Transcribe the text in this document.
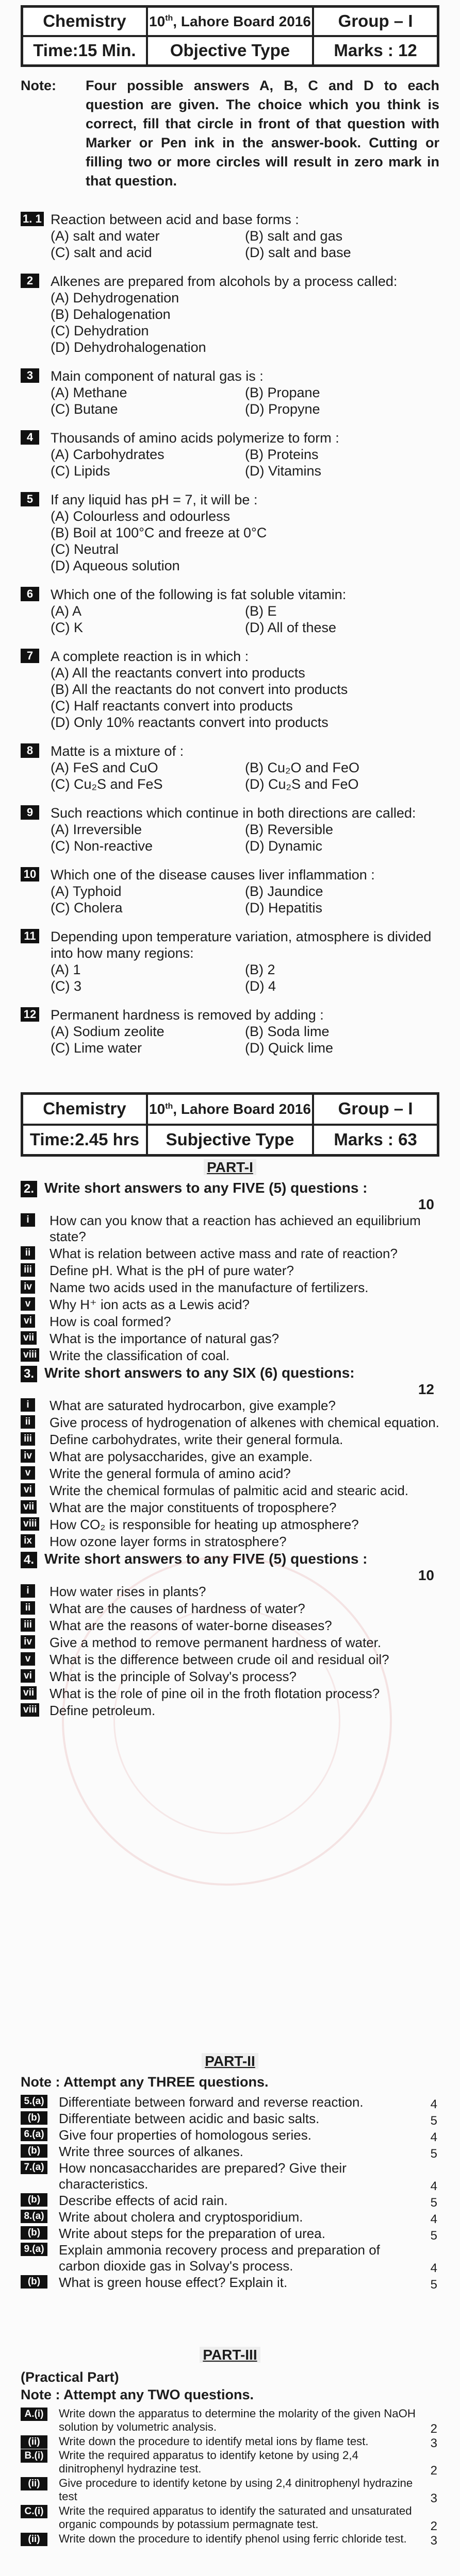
Chemistry	10th, Lahore Board 2016	Group – I
Time:15 Min.	Objective Type	Marks : 12
Note:	Four possible answers A, B, C and D to each question are given. The choice which you think is correct, fill that circle in front of that question with Marker or Pen ink in the answer-book. Cutting or filling two or more circles will result in zero mark in that question.
1. 1 Reaction between acid and base forms :
(A) salt and water	(B) salt and gas
(C) salt and acid	(D) salt and base
2	Alkenes are prepared from alcohols by a process called:
(A) Dehydrogenation
(B) Dehalogenation
(C) Dehydration
(D) Dehydrohalogenation
3	Main component of natural gas is :
(A) Methane	(B) Propane
(C) Butane	(D) Propyne
4	Thousands of amino acids polymerize to form :
(A) Carbohydrates	(B) Proteins
(C) Lipids	(D) Vitamins
5	If any liquid has pH = 7, it will be :
(A) Colourless and odourless
(B) Boil at 100°C and freeze at 0°C
(C) Neutral
(D) Aqueous solution
6	Which one of the following is fat soluble vitamin:
(A) A	(B) E
(C) K	(D) All of these
7	A complete reaction is in which :
(A) All the reactants convert into products
(B) All the reactants do not convert into products
(C) Half reactants convert into products
(D) Only 10% reactants convert into products
8	Matte is a mixture of :
(A) FeS and CuO	(B) Cu₂O and FeO
(C) Cu₂S and FeS	(D) Cu₂S and FeO
9	Such reactions which continue in both directions are called:
(A) Irreversible	(B) Reversible
(C) Non-reactive	(D) Dynamic
10 Which one of the disease causes liver inflammation :
(A) Typhoid	(B) Jaundice
(C) Cholera	(D) Hepatitis
11 Depending upon temperature variation, atmosphere is divided into how many regions:
(A) 1	(B) 2
(C) 3	(D) 4
12 Permanent hardness is removed by adding :
(A) Sodium zeolite	(B) Soda lime
(C) Lime water	(D) Quick lime
Chemistry	10th, Lahore Board 2016	Group – I
Time:2.45 hrs	Subjective Type	Marks : 63
PART-I
2. Write short answers to any FIVE (5) questions :
10
i	How can you know that a reaction has achieved an equilibrium state?
ii	What is relation between active mass and rate of reaction?
iii Define pH. What is the pH of pure water?
iv Name two acids used in the manufacture of fertilizers.
v	Why H⁺ ion acts as a Lewis acid?
vi How is coal formed?
vii What is the importance of natural gas?
viii Write the classification of coal.
3. Write short answers to any SIX (6) questions:
12
i	What are saturated hydrocarbon, give example?
ii	Give process of hydrogenation of alkenes with chemical equation.
iii Define carbohydrates, write their general formula.
iv What are polysaccharides, give an example.
v	Write the general formula of amino acid?
vi Write the chemical formulas of palmitic acid and stearic acid.
vii What are the major constituents of troposphere?
viii How CO₂ is responsible for heating up atmosphere?
ix How ozone layer forms in stratosphere?
4. Write short answers to any FIVE (5) questions :
10
i	How water rises in plants?
ii	What are the causes of hardness of water?
iii What are the reasons of water-borne diseases?
iv Give a method to remove permanent hardness of water.
v	What is the difference between crude oil and residual oil?
vi What is the principle of Solvay's process?
vii What is the role of pine oil in the froth flotation process?
viii Define petroleum.
PART-II
Note : Attempt any THREE questions.
5.(a) Differentiate between forward and reverse reaction.	4
(b)	Differentiate between acidic and basic salts.	5
6.(a) Give four properties of homologous series.	4
(b)	Write three sources of alkanes.	5
7.(a) How noncasaccharides are prepared? Give their characteristics.	4
(b)	Describe effects of acid rain.	5
8.(a) Write about cholera and cryptosporidium.	4
(b)	Write about steps for the preparation of urea.	5
9.(a) Explain ammonia recovery process and preparation of carbon dioxide gas in Solvay's process.	4
(b)	What is green house effect? Explain it.	5
PART-III
(Practical Part)
Note : Attempt any TWO questions.
A.(i)	Write down the apparatus to determine the molarity of the given NaOH solution by volumetric analysis.	2
(ii)	Write down the procedure to identify metal ions by flame test.	3
B.(i)	Write the required apparatus to identify ketone by using 2,4 dinitrophenyl hydrazine test.	2
(ii)	Give procedure to identify ketone by using 2,4 dinitrophenyl hydrazine test	3
C.(i)	Write the required apparatus to identify the saturated and unsaturated organic compounds by potassium permagnate test.	2
(ii)	Write down the procedure to identify phenol using ferric chloride test. 3
